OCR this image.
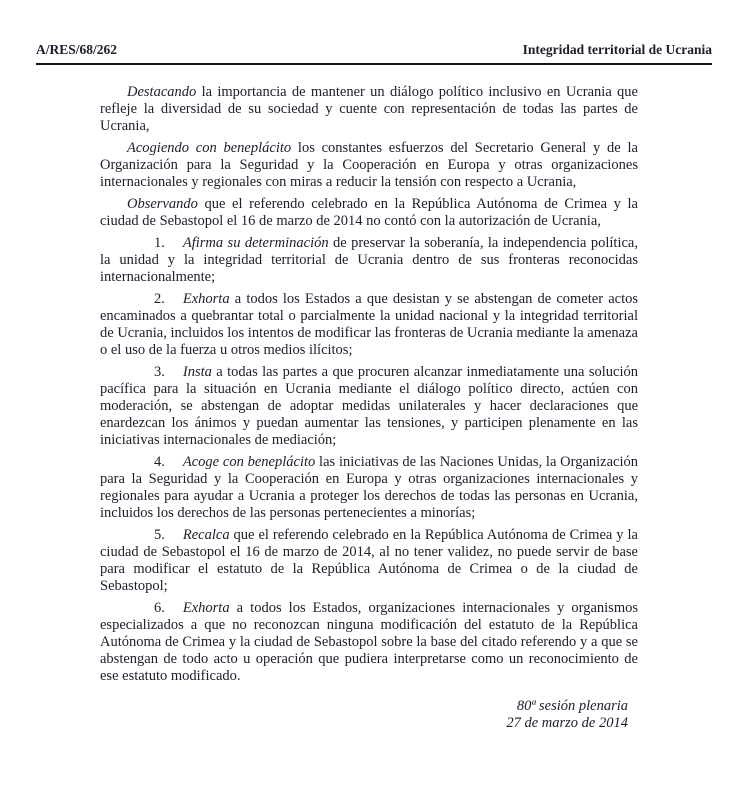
A/RES/68/262	Integridad territorial de Ucrania

Destacando la importancia de mantener un diálogo político inclusivo en Ucrania que refleje la diversidad de su sociedad y cuente con representación de todas las partes de Ucrania,

Acogiendo con beneplácito los constantes esfuerzos del Secretario General y de la Organización para la Seguridad y la Cooperación en Europa y otras organizaciones internacionales y regionales con miras a reducir la tensión con respecto a Ucrania,

Observando que el referendo celebrado en la República Autónoma de Crimea y la ciudad de Sebastopol el 16 de marzo de 2014 no contó con la autorización de Ucrania,

1. Afirma su determinación de preservar la soberanía, la independencia política, la unidad y la integridad territorial de Ucrania dentro de sus fronteras reconocidas internacionalmente;

2. Exhorta a todos los Estados a que desistan y se abstengan de cometer actos encaminados a quebrantar total o parcialmente la unidad nacional y la integridad territorial de Ucrania, incluidos los intentos de modificar las fronteras de Ucrania mediante la amenaza o el uso de la fuerza u otros medios ilícitos;

3. Insta a todas las partes a que procuren alcanzar inmediatamente una solución pacífica para la situación en Ucrania mediante el diálogo político directo, actúen con moderación, se abstengan de adoptar medidas unilaterales y hacer declaraciones que enardezcan los ánimos y puedan aumentar las tensiones, y participen plenamente en las iniciativas internacionales de mediación;

4. Acoge con beneplácito las iniciativas de las Naciones Unidas, la Organización para la Seguridad y la Cooperación en Europa y otras organizaciones internacionales y regionales para ayudar a Ucrania a proteger los derechos de todas las personas en Ucrania, incluidos los derechos de las personas pertenecientes a minorías;

5. Recalca que el referendo celebrado en la República Autónoma de Crimea y la ciudad de Sebastopol el 16 de marzo de 2014, al no tener validez, no puede servir de base para modificar el estatuto de la República Autónoma de Crimea o de la ciudad de Sebastopol;

6. Exhorta a todos los Estados, organizaciones internacionales y organismos especializados a que no reconozcan ninguna modificación del estatuto de la República Autónoma de Crimea y la ciudad de Sebastopol sobre la base del citado referendo y a que se abstengan de todo acto u operación que pudiera interpretarse como un reconocimiento de ese estatuto modificado.

80ª sesión plenaria
27 de marzo de 2014
